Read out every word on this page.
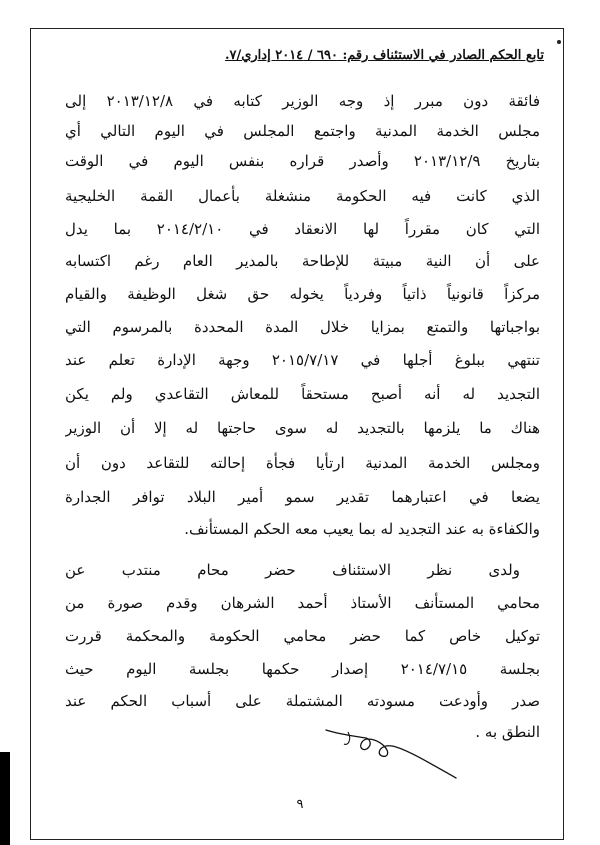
تابع الحكم الصادر في الاستئناف رقم: ٦٩٠ / ٢٠١٤ إداري/٧.
فائقة دون مبرر إذ وجه الوزير كتابه في ٢٠١٣/١٢/٨ إلى
مجلس الخدمة المدنية واجتمع المجلس في اليوم التالي أي
بتاريخ ٢٠١٣/١٢/٩ وأصدر قراره بنفس اليوم في الوقت
الذي كانت فيه الحكومة منشغلة بأعمال القمة الخليجية
التي كان مقرراً لها الانعقاد في ٢٠١٤/٢/١٠ بما يدل
على أن النية مبيتة للإطاحة بالمدير العام رغم اكتسابه
مركزاً قانونياً ذاتياً وفردياً يخوله حق شغل الوظيفة والقيام
بواجباتها والتمتع بمزايا خلال المدة المحددة بالمرسوم التي
تنتهي ببلوغ أجلها في ٢٠١٥/٧/١٧ وجهة الإدارة تعلم عند
التجديد له أنه أصبح مستحقاً للمعاش التقاعدي ولم يكن
هناك ما يلزمها بالتجديد له سوى حاجتها له إلا أن الوزير
ومجلس الخدمة المدنية ارتأيا فجأة إحالته للتقاعد دون أن
يضعا في اعتبارهما تقدير سمو أمير البلاد توافر الجدارة
والكفاءة به عند التجديد له بما يعيب معه الحكم المستأنف.
ولدى نظر الاستئناف حضر محام منتدب عن
محامي المستأنف الأستاذ أحمد الشرهان وقدم صورة من
توكيل خاص كما حضر محامي الحكومة والمحكمة قررت
بجلسة ٢٠١٤/٧/١٥ إصدار حكمها بجلسة اليوم حيث
صدر وأودعت مسودته المشتملة على أسباب الحكم عند
النطق به .
٩
